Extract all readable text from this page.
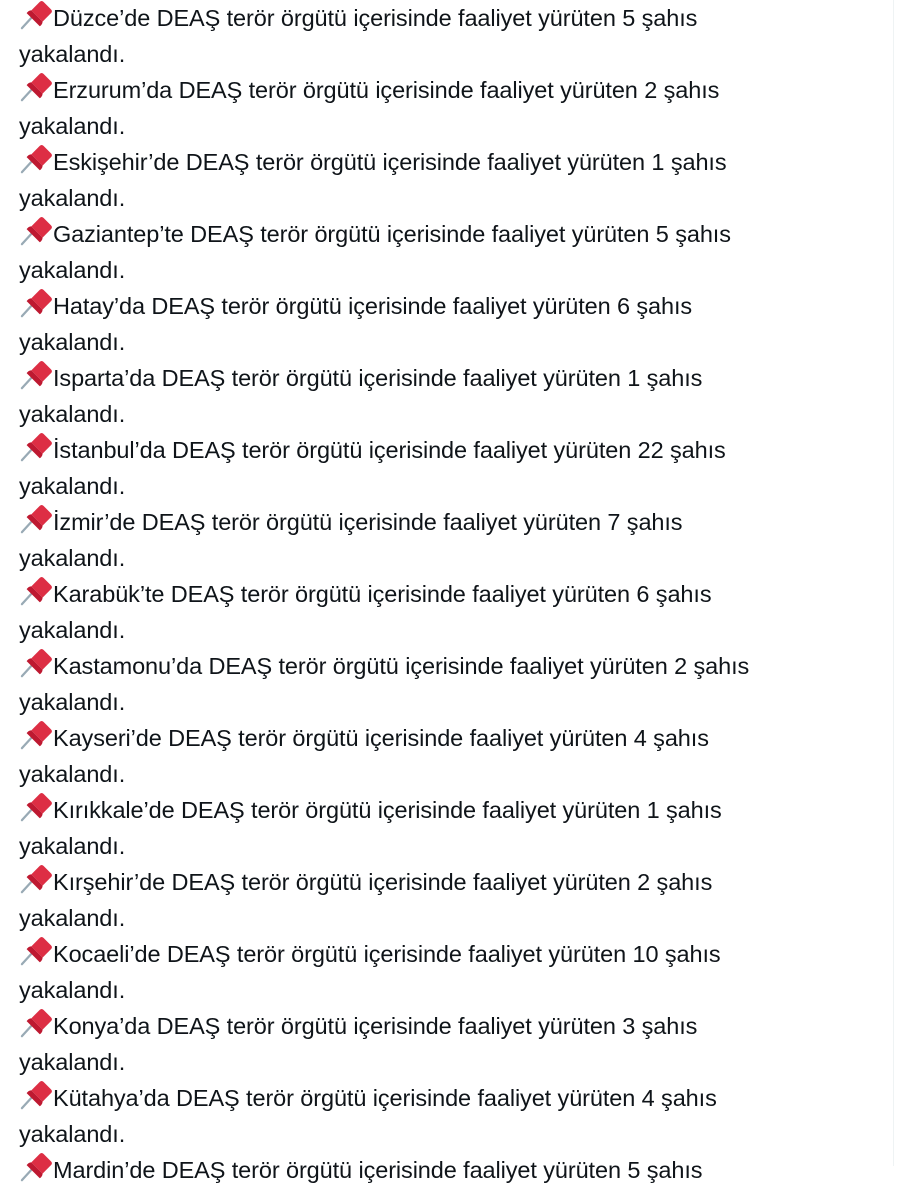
Düzce’de DEAŞ terör örgütü içerisinde faaliyet yürüten 5 şahıs
yakalandı.
Erzurum’da DEAŞ terör örgütü içerisinde faaliyet yürüten 2 şahıs
yakalandı.
Eskişehir’de DEAŞ terör örgütü içerisinde faaliyet yürüten 1 şahıs
yakalandı.
Gaziantep’te DEAŞ terör örgütü içerisinde faaliyet yürüten 5 şahıs
yakalandı.
Hatay’da DEAŞ terör örgütü içerisinde faaliyet yürüten 6 şahıs
yakalandı.
Isparta’da DEAŞ terör örgütü içerisinde faaliyet yürüten 1 şahıs
yakalandı.
İstanbul’da DEAŞ terör örgütü içerisinde faaliyet yürüten 22 şahıs
yakalandı.
İzmir’de DEAŞ terör örgütü içerisinde faaliyet yürüten 7 şahıs
yakalandı.
Karabük’te DEAŞ terör örgütü içerisinde faaliyet yürüten 6 şahıs
yakalandı.
Kastamonu’da DEAŞ terör örgütü içerisinde faaliyet yürüten 2 şahıs
yakalandı.
Kayseri’de DEAŞ terör örgütü içerisinde faaliyet yürüten 4 şahıs
yakalandı.
Kırıkkale’de DEAŞ terör örgütü içerisinde faaliyet yürüten 1 şahıs
yakalandı.
Kırşehir’de DEAŞ terör örgütü içerisinde faaliyet yürüten 2 şahıs
yakalandı.
Kocaeli’de DEAŞ terör örgütü içerisinde faaliyet yürüten 10 şahıs
yakalandı.
Konya’da DEAŞ terör örgütü içerisinde faaliyet yürüten 3 şahıs
yakalandı.
Kütahya’da DEAŞ terör örgütü içerisinde faaliyet yürüten 4 şahıs
yakalandı.
Mardin’de DEAŞ terör örgütü içerisinde faaliyet yürüten 5 şahıs
